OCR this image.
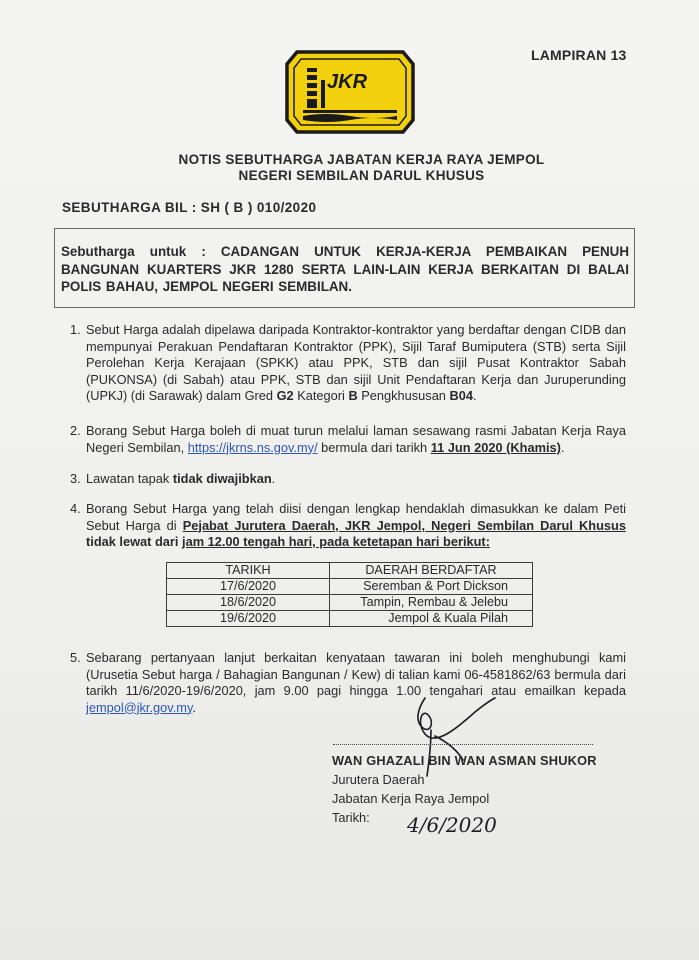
LAMPIRAN 13
JKR
NOTIS SEBUTHARGA JABATAN KERJA RAYA JEMPOL
NEGERI SEMBILAN DARUL KHUSUS
SEBUTHARGA BIL : SH ( B ) 010/2020
Sebutharga untuk : CADANGAN UNTUK KERJA-KERJA PEMBAIKAN PENUH BANGUNAN KUARTERS JKR 1280 SERTA LAIN-LAIN KERJA BERKAITAN DI BALAI POLIS BAHAU, JEMPOL NEGERI SEMBILAN.
1. Sebut Harga adalah dipelawa daripada Kontraktor-kontraktor yang berdaftar dengan CIDB dan mempunyai Perakuan Pendaftaran Kontraktor (PPK), Sijil Taraf Bumiputera (STB) serta Sijil Perolehan Kerja Kerajaan (SPKK) atau PPK, STB dan sijil Pusat Kontraktor Sabah (PUKONSA) (di Sabah) atau PPK, STB dan sijil Unit Pendaftaran Kerja dan Juruperunding (UPKJ) (di Sarawak) dalam Gred G2 Kategori B Pengkhususan B04.
2. Borang Sebut Harga boleh di muat turun melalui laman sesawang rasmi Jabatan Kerja Raya Negeri Sembilan, https://jkrns.ns.gov.my/ bermula dari tarikh 11 Jun 2020 (Khamis).
3. Lawatan tapak tidak diwajibkan.
4. Borang Sebut Harga yang telah diisi dengan lengkap hendaklah dimasukkan ke dalam Peti Sebut Harga di Pejabat Jurutera Daerah, JKR Jempol, Negeri Sembilan Darul Khusus tidak lewat dari jam 12.00 tengah hari, pada ketetapan hari berikut:
TARIKH	DAERAH BERDAFTAR
17/6/2020	Seremban & Port Dickson
18/6/2020	Tampin, Rembau & Jelebu
19/6/2020	Jempol & Kuala Pilah
5. Sebarang pertanyaan lanjut berkaitan kenyataan tawaran ini boleh menghubungi kami (Urusetia Sebut harga / Bahagian Bangunan / Kew) di talian kami 06-4581862/63 bermula dari tarikh 11/6/2020-19/6/2020, jam 9.00 pagi hingga 1.00 tengahari atau emailkan kepada jempol@jkr.gov.my.
WAN GHAZALI BIN WAN ASMAN SHUKOR
Jurutera Daerah
Jabatan Kerja Raya Jempol
Tarikh: 4/6/2020
